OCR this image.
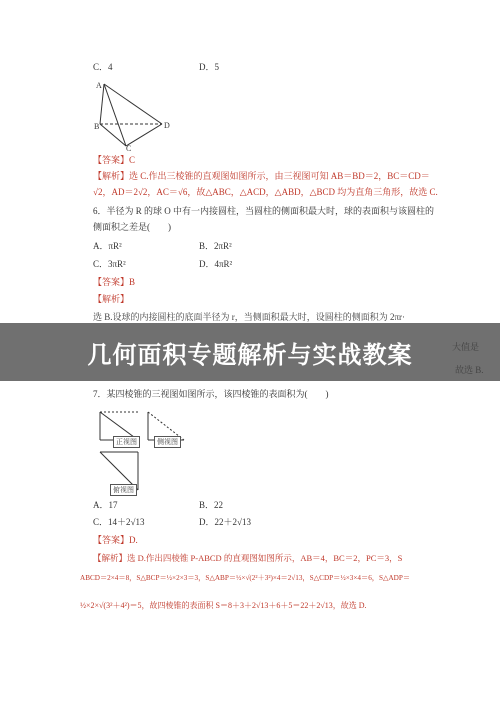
C．4	D．5
A
B	D
C
【答案】C
【解析】选 C.作出三棱锥的直观图如图所示，由三视图可知 AB＝BD＝2，BC＝CD＝
√2，AD＝2√2，AC＝√6，故△ABC，△ACD，△ABD，△BCD 均为直角三角形，故选 C.
6．半径为 R 的球 O 中有一内接圆柱，当圆柱的侧面积最大时，球的表面积与该圆柱的
侧面积之差是(　　)
A．πR²	B．2πR²
C．3πR²	D．4πR²
【答案】B
【解析】
选 B.设球的内接圆柱的底面半径为 r，当侧面积最大时，设圆柱的侧面积为 2πr·
几何面积专题解析与实战教案	大值是
故选 B.
7．某四棱锥的三视图如图所示，该四棱锥的表面积为(　　)
正视图	侧视图
俯视图
A．17	B．22
C．14＋2√13	D．22＋2√13
【答案】D.
【解析】选 D.作出四棱锥 P-ABCD 的直观图如图所示，AB＝4，BC＝2，PC＝3，S
ABCD＝2×4＝8，S△BCP＝½×2×3＝3，S△ABP＝½×√(2²＋3²)×4＝2√13，S△CDP＝½×3×4＝6，S△ADP＝
½×2×√(3²＋4²)＝5，故四棱锥的表面积 S＝8＋3＋2√13＋6＋5＝22＋2√13，故选 D.
